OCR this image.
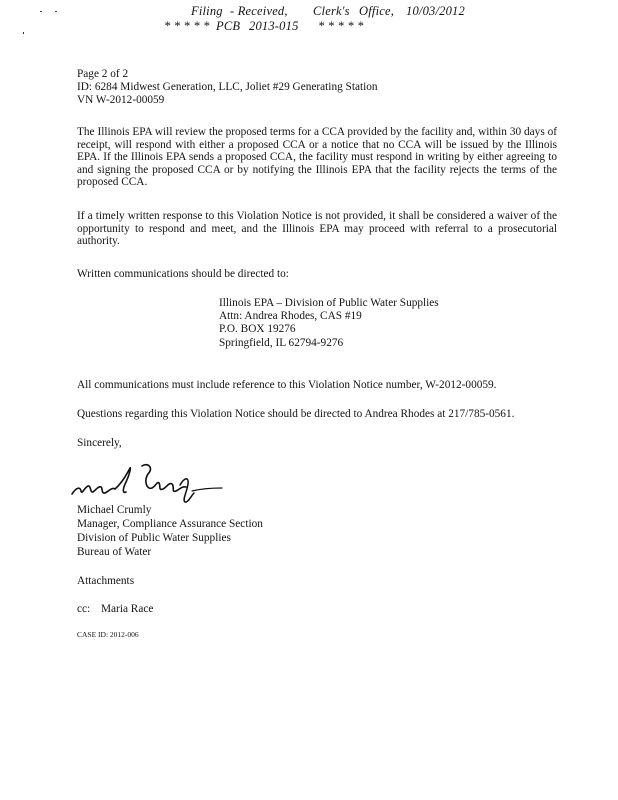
Filing - Received, Clerk's Office, 10/03/2012
* * * * * PCB 2013-015 * * * * *
Page 2 of 2
ID: 6284 Midwest Generation, LLC, Joliet #29 Generating Station
VN W-2012-00059
The Illinois EPA will review the proposed terms for a CCA provided by the facility and, within 30 days of receipt, will respond with either a proposed CCA or a notice that no CCA will be issued by the Illinois EPA. If the Illinois EPA sends a proposed CCA, the facility must respond in writing by either agreeing to and signing the proposed CCA or by notifying the Illinois EPA that the facility rejects the terms of the proposed CCA.
If a timely written response to this Violation Notice is not provided, it shall be considered a waiver of the opportunity to respond and meet, and the Illinois EPA may proceed with referral to a prosecutorial authority.
Written communications should be directed to:
Illinois EPA – Division of Public Water Supplies
Attn: Andrea Rhodes, CAS #19
P.O. BOX 19276
Springfield, IL 62794-9276
All communications must include reference to this Violation Notice number, W-2012-00059.
Questions regarding this Violation Notice should be directed to Andrea Rhodes at 217/785-0561.
Sincerely,
Michael Crumly
Manager, Compliance Assurance Section
Division of Public Water Supplies
Bureau of Water
Attachments
cc: Maria Race
CASE ID: 2012-006
